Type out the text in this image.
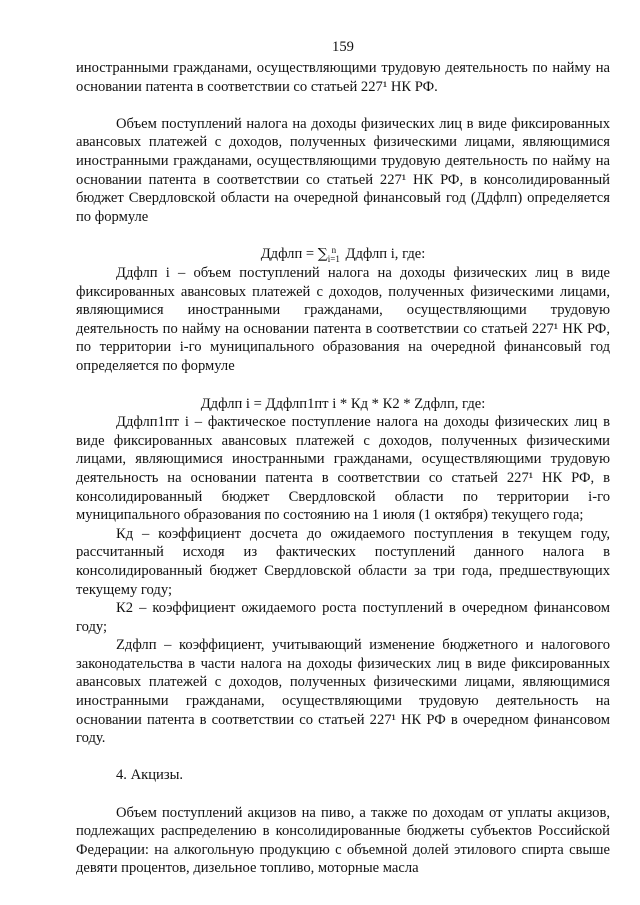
159

иностранными гражданами, осуществляющими трудовую деятельность по найму на основании патента в соответствии со статьей 227¹ НК РФ.

Объем поступлений налога на доходы физических лиц в виде фиксированных авансовых платежей с доходов, полученных физическими лицами, являющимися иностранными гражданами, осуществляющими трудовую деятельность по найму на основании патента в соответствии со статьей 227¹ НК РФ, в консолидированный бюджет Свердловской области на очередной финансовый год (Ддфлп) определяется по формуле

Ддфлп = ∑ n
i=1 Ддфлп i, где:

Ддфлп i – объем поступлений налога на доходы физических лиц в виде фиксированных авансовых платежей с доходов, полученных физическими лицами, являющимися иностранными гражданами, осуществляющими трудовую деятельность по найму на основании патента в соответствии со статьей 227¹ НК РФ, по территории i-го муниципального образования на очередной финансовый год определяется по формуле

Ддфлп i = Ддфлп1пт i * Кд * К2 * Zдфлп, где:

Ддфлп1пт i – фактическое поступление налога на доходы физических лиц в виде фиксированных авансовых платежей с доходов, полученных физическими лицами, являющимися иностранными гражданами, осуществляющими трудовую деятельность на основании патента в соответствии со статьей 227¹ НК РФ, в консолидированный бюджет Свердловской области по территории i-го муниципального образования по состоянию на 1 июля (1 октября) текущего года;

Кд – коэффициент досчета до ожидаемого поступления в текущем году, рассчитанный исходя из фактических поступлений данного налога в консолидированный бюджет Свердловской области за три года, предшествующих текущему году;

К2 – коэффициент ожидаемого роста поступлений в очередном финансовом году;

Zдфлп – коэффициент, учитывающий изменение бюджетного и налогового законодательства в части налога на доходы физических лиц в виде фиксированных авансовых платежей с доходов, полученных физическими лицами, являющимися иностранными гражданами, осуществляющими трудовую деятельность на основании патента в соответствии со статьей 227¹ НК РФ в очередном финансовом году.

4. Акцизы.

Объем поступлений акцизов на пиво, а также по доходам от уплаты акцизов, подлежащих распределению в консолидированные бюджеты субъектов Российской Федерации: на алкогольную продукцию с объемной долей этилового спирта свыше девяти процентов, дизельное топливо, моторные масла
